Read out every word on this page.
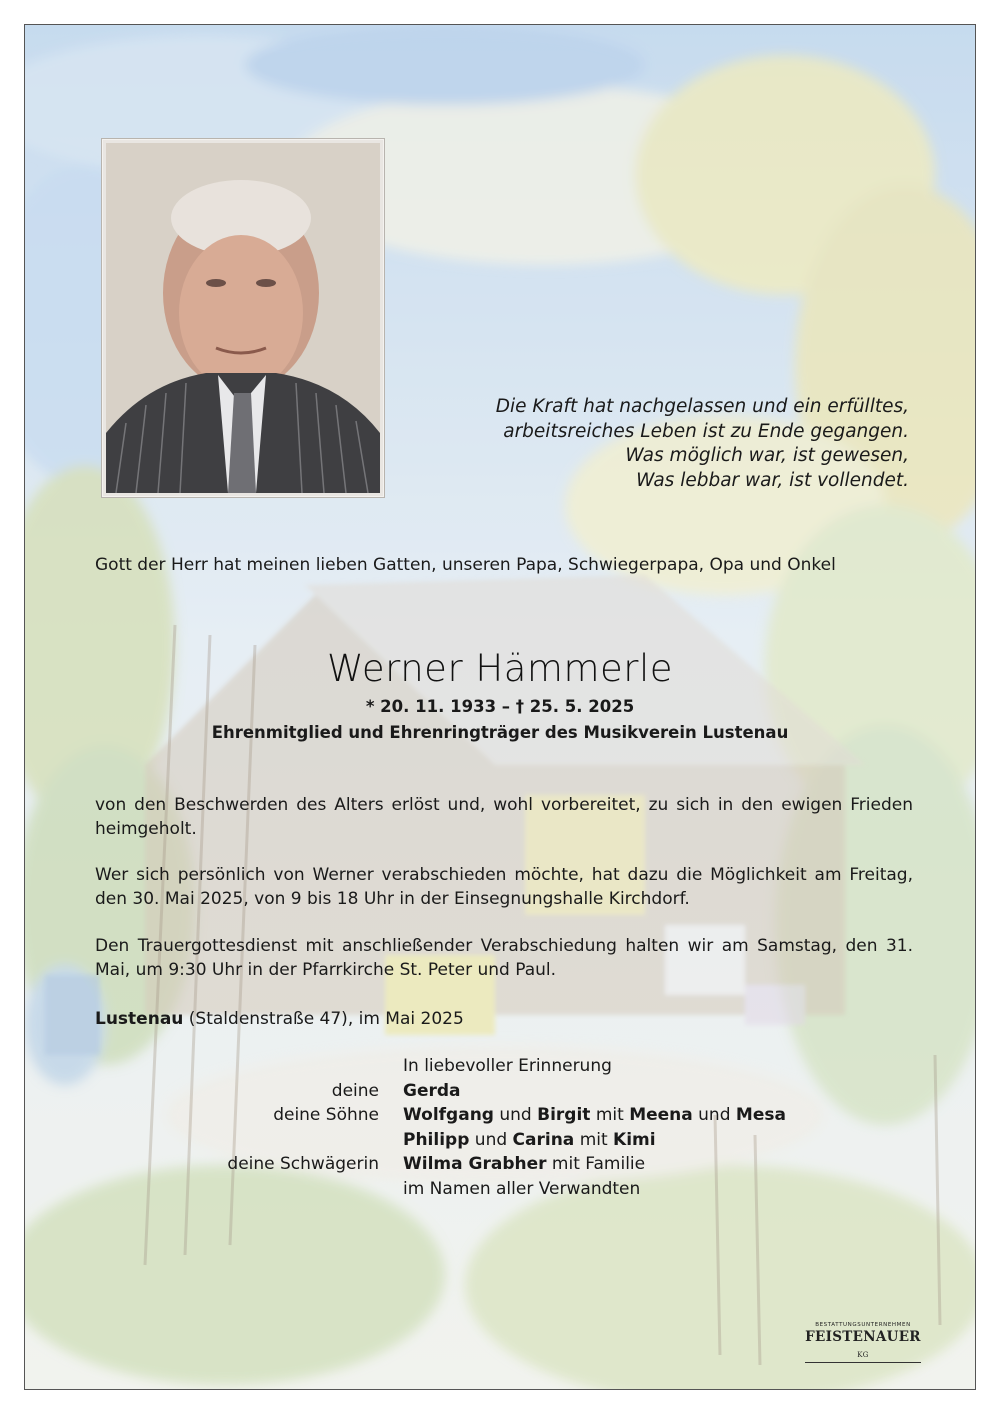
Die Kraft hat nachgelassen und ein erfülltes,
arbeitsreiches Leben ist zu Ende gegangen.
Was möglich war, ist gewesen,
Was lebbar war, ist vollendet.
Gott der Herr hat meinen lieben Gatten, unseren Papa, Schwiegerpapa, Opa und Onkel
Werner Hämmerle
* 20. 11. 1933 – † 25. 5. 2025
Ehrenmitglied und Ehrenringträger des Musikverein Lustenau
von den Beschwerden des Alters erlöst und, wohl vorbereitet, zu sich in den ewigen Frieden heimgeholt.
Wer sich persönlich von Werner verabschieden möchte, hat dazu die Möglichkeit am Freitag, den 30. Mai 2025, von 9 bis 18 Uhr in der Einsegnungshalle Kirchdorf.
Den Trauergottesdienst mit anschließender Verabschiedung halten wir am Samstag, den 31. Mai, um 9:30 Uhr in der Pfarrkirche St. Peter und Paul.
Lustenau (Staldenstraße 47), im Mai 2025
deine
deine Söhne
deine Schwägerin
In liebevoller Erinnerung
Gerda
Wolfgang und Birgit mit Meena und Mesa
Philipp und Carina mit Kimi
Wilma Grabher mit Familie
im Namen aller Verwandten
BESTATTUNGSUNTERNEHMEN
FEISTENAUER KG
